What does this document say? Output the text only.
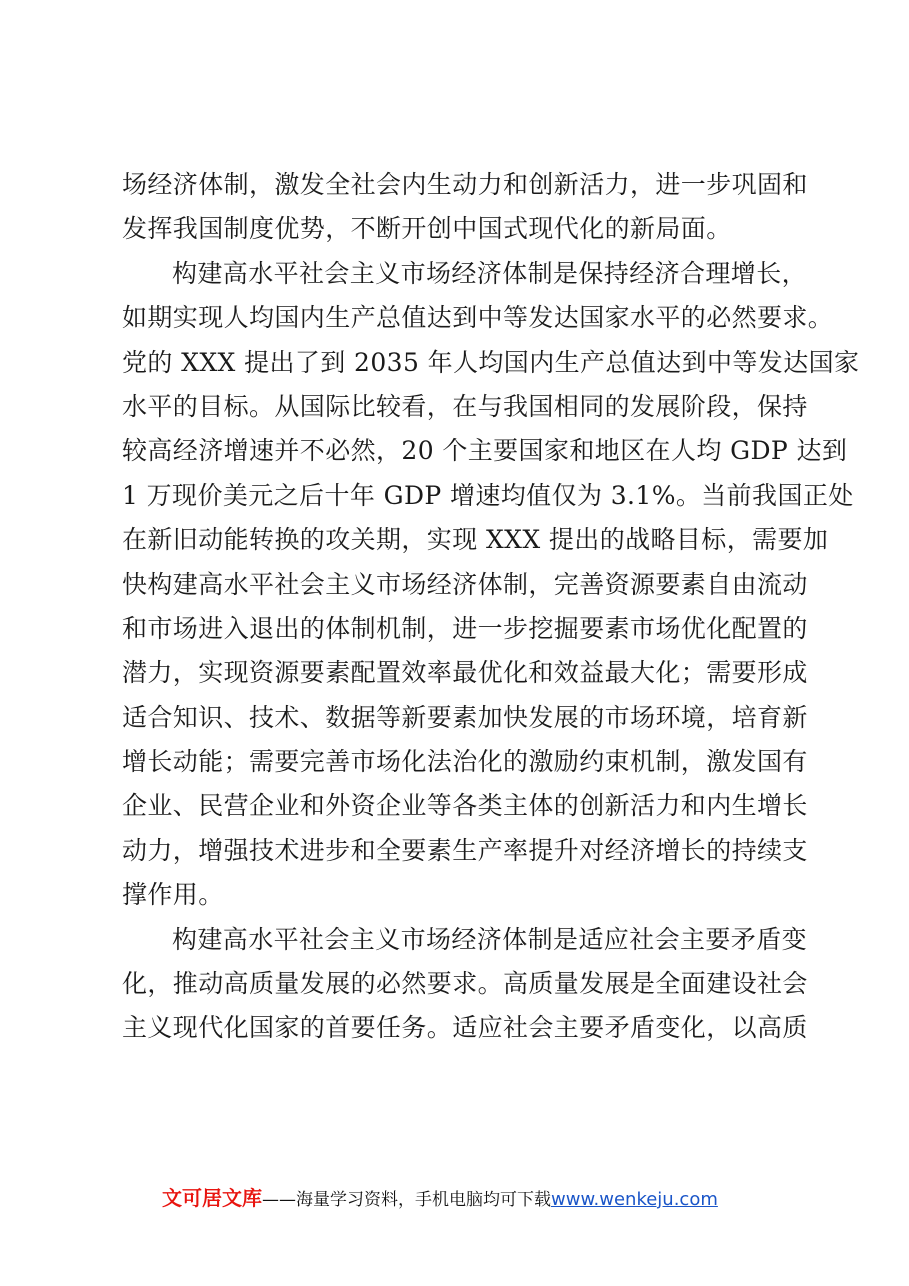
场经济体制，激发全社会内生动力和创新活力，进一步巩固和
发挥我国制度优势，不断开创中国式现代化的新局面。
构建高水平社会主义市场经济体制是保持经济合理增长，
如期实现人均国内生产总值达到中等发达国家水平的必然要求。
党的 XXX 提出了到 2035 年人均国内生产总值达到中等发达国家
水平的目标。从国际比较看，在与我国相同的发展阶段，保持
较高经济增速并不必然，20 个主要国家和地区在人均 GDP 达到
1 万现价美元之后十年 GDP 增速均值仅为 3.1%。当前我国正处
在新旧动能转换的攻关期，实现 XXX 提出的战略目标，需要加
快构建高水平社会主义市场经济体制，完善资源要素自由流动
和市场进入退出的体制机制，进一步挖掘要素市场优化配置的
潜力，实现资源要素配置效率最优化和效益最大化；需要形成
适合知识、技术、数据等新要素加快发展的市场环境，培育新
增长动能；需要完善市场化法治化的激励约束机制，激发国有
企业、民营企业和外资企业等各类主体的创新活力和内生增长
动力，增强技术进步和全要素生产率提升对经济增长的持续支
撑作用。
构建高水平社会主义市场经济体制是适应社会主要矛盾变
化，推动高质量发展的必然要求。高质量发展是全面建设社会
主义现代化国家的首要任务。适应社会主要矛盾变化，以高质
文可居文库——海量学习资料，手机电脑均可下载www.wenkeju.com
